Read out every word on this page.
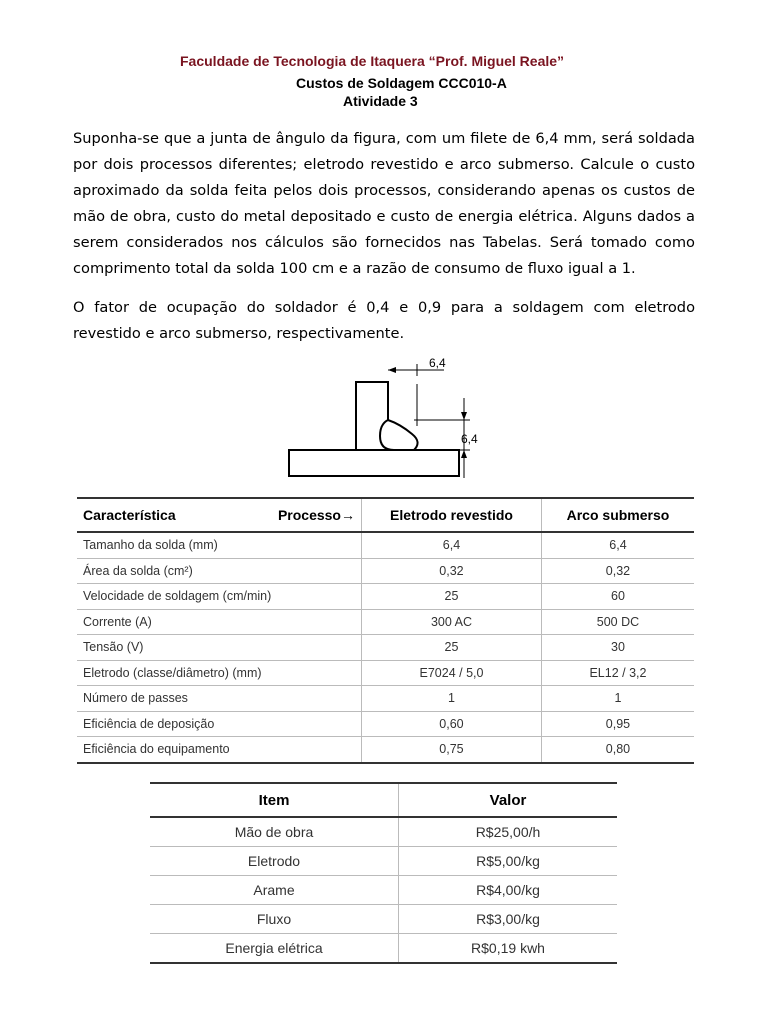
Faculdade de Tecnologia de Itaquera “Prof. Miguel Reale”
Custos de Soldagem CCC010-A
Atividade 3

Suponha-se que a junta de ângulo da figura, com um filete de 6,4 mm, será soldada por dois processos diferentes; eletrodo revestido e arco submerso. Calcule o custo aproximado da solda feita pelos dois processos, considerando apenas os custos de mão de obra, custo do metal depositado e custo de energia elétrica. Alguns dados a serem considerados nos cálculos são fornecidos nas Tabelas. Será tomado como comprimento total da solda 100 cm e a razão de consumo de fluxo igual a 1.

O fator de ocupação do soldador é 0,4 e 0,9 para a soldagem com eletrodo revestido e arco submerso, respectivamente.

6,4
6,4
Característica Processo→	Eletrodo revestido	Arco submerso
Tamanho da solda (mm)	6,4	6,4
Área da solda (cm²)	0,32	0,32
Velocidade de soldagem (cm/min)	25	60
Corrente (A)	300 AC	500 DC
Tensão (V)	25	30
Eletrodo (classe/diâmetro) (mm)	E7024 / 5,0	EL12 / 3,2
Número de passes	1	1
Eficiência de deposição	0,60	0,95
Eficiência do equipamento	0,75	0,80
Item	Valor
Mão de obra	R$25,00/h
Eletrodo	R$5,00/kg
Arame	R$4,00/kg
Fluxo	R$3,00/kg
Energia elétrica	R$0,19 kwh
